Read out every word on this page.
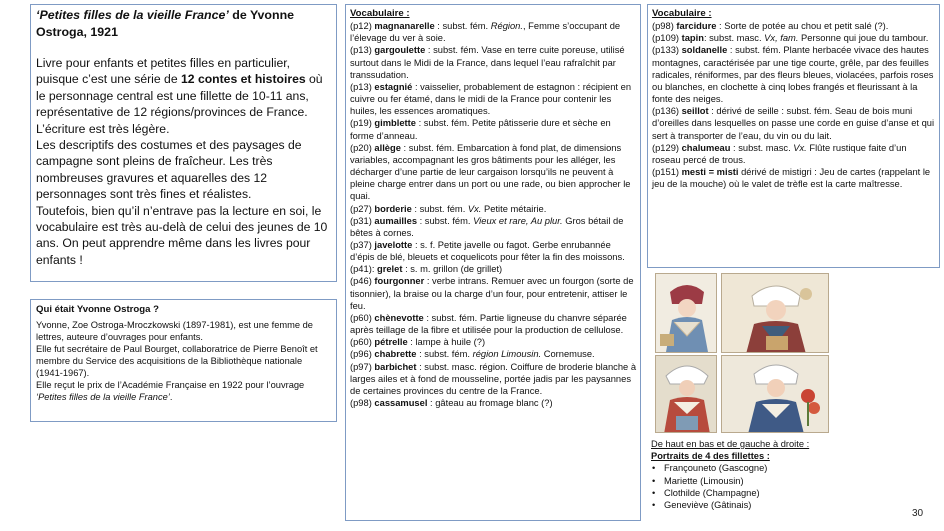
‘Petites filles de la vieille France’ de Yvonne Ostroga, 1921
Livre pour enfants et petites filles en particulier, puisque c’est une série de 12 contes et histoires où le personnage central est une fillette de 10-11 ans, représentative de 12 régions/provinces de France.
L’écriture est très légère.
Les descriptifs des costumes et des paysages de campagne sont pleins de fraîcheur. Les très nombreuses gravures et aquarelles des 12 personnages sont très fines et réalistes.
Toutefois, bien qu’il n’entrave pas la lecture en soi, le vocabulaire est très au-delà de celui des jeunes de 10 ans. On peut apprendre même dans les livres pour enfants !
Qui était Yvonne Ostroga ?
Yvonne, Zoe Ostroga-Mroczkowski (1897-1981), est une femme de lettres, auteure d’ouvrages pour enfants.
Elle fut secrétaire de Paul Bourget, collaboratrice de Pierre Benoît et membre du Service des acquisitions de la Bibliothèque nationale (1941-1967).
Elle reçut le prix de l’Académie Française en 1922 pour l’ouvrage ‘Petites filles de la vieille France’.
Vocabulaire :
(p12) magnanarelle : subst. fém. Région., Femme s’occupant de l’élevage du ver à soie.
(p13) gargoulette : subst. fém. Vase en terre cuite poreuse, utilisé surtout dans le Midi de la France, dans lequel l’eau rafraîchit par transsudation.
(p13) estagnié : vaisselier, probablement de estagnon : récipient en cuivre ou fer étamé, dans le midi de la France pour contenir les huiles, les essences aromatiques.
(p19) gimblette : subst. fém. Petite pâtisserie dure et sèche en forme d’anneau.
(p20) allège : subst. fém. Embarcation à fond plat, de dimensions variables, accompagnant les gros bâtiments pour les alléger, les décharger d’une partie de leur cargaison lorsqu’ils ne peuvent à pleine charge entrer dans un port ou une rade, ou bien approcher le quai.
(p27) borderie : subst. fém. Vx. Petite métairie.
(p31) aumailles : subst. fém. Vieux et rare, Au plur. Gros bétail de bêtes à cornes.
(p37) javelotte : s. f. Petite javelle ou fagot. Gerbe enrubannée d’épis de blé, bleuets et coquelicots pour fêter la fin des moissons.
(p41): grelet : s. m. grillon (de grillet)
(p46) fourgonner : verbe intrans. Remuer avec un fourgon (sorte de tisonnier), la braise ou la charge d’un four, pour entretenir, attiser le feu.
(p60) chènevotte : subst. fém. Partie ligneuse du chanvre séparée après teillage de la fibre et utilisée pour la production de cellulose.
(p60) pétrelle : lampe à huile (?)
(p96) chabrette : subst. fém. région Limousin. Cornemuse.
(p97) barbichet : subst. masc. région. Coiffure de broderie blanche à larges ailes et à fond de mousseline, portée jadis par les paysannes de certaines provinces du centre de la France.
(p98) cassamusel : gâteau au fromage blanc (?)
Vocabulaire :
(p98) farcidure : Sorte de potée au chou et petit salé (?).
(p109) tapin: subst. masc. Vx, fam. Personne qui joue du tambour.
(p133) soldanelle : subst. fém. Plante herbacée vivace des hautes montagnes, caractérisée par une tige courte, grêle, par des feuilles radicales, réniformes, par des fleurs bleues, violacées, parfois roses ou blanches, en clochette à cinq lobes frangés et fleurissant à la fonte des neiges.
(p136) seillot : dérivé de seille : subst. fém. Seau de bois muni d’oreilles dans lesquelles on passe une corde en guise d’anse et qui sert à transporter de l’eau, du vin ou du lait.
(p129) chalumeau : subst. masc. Vx. Flûte rustique faite d’un roseau percé de trous.
(p151) mesti = misti dérivé de mistigri : Jeu de cartes (rappelant le jeu de la mouche) où le valet de trèfle est la carte maîtresse.
De haut en bas et de gauche à droite :
Portraits de 4 des fillettes :
• Françouneto (Gascogne)
• Mariette (Limousin)
• Clothilde (Champagne)
• Geneviève (Gâtinais)
30
